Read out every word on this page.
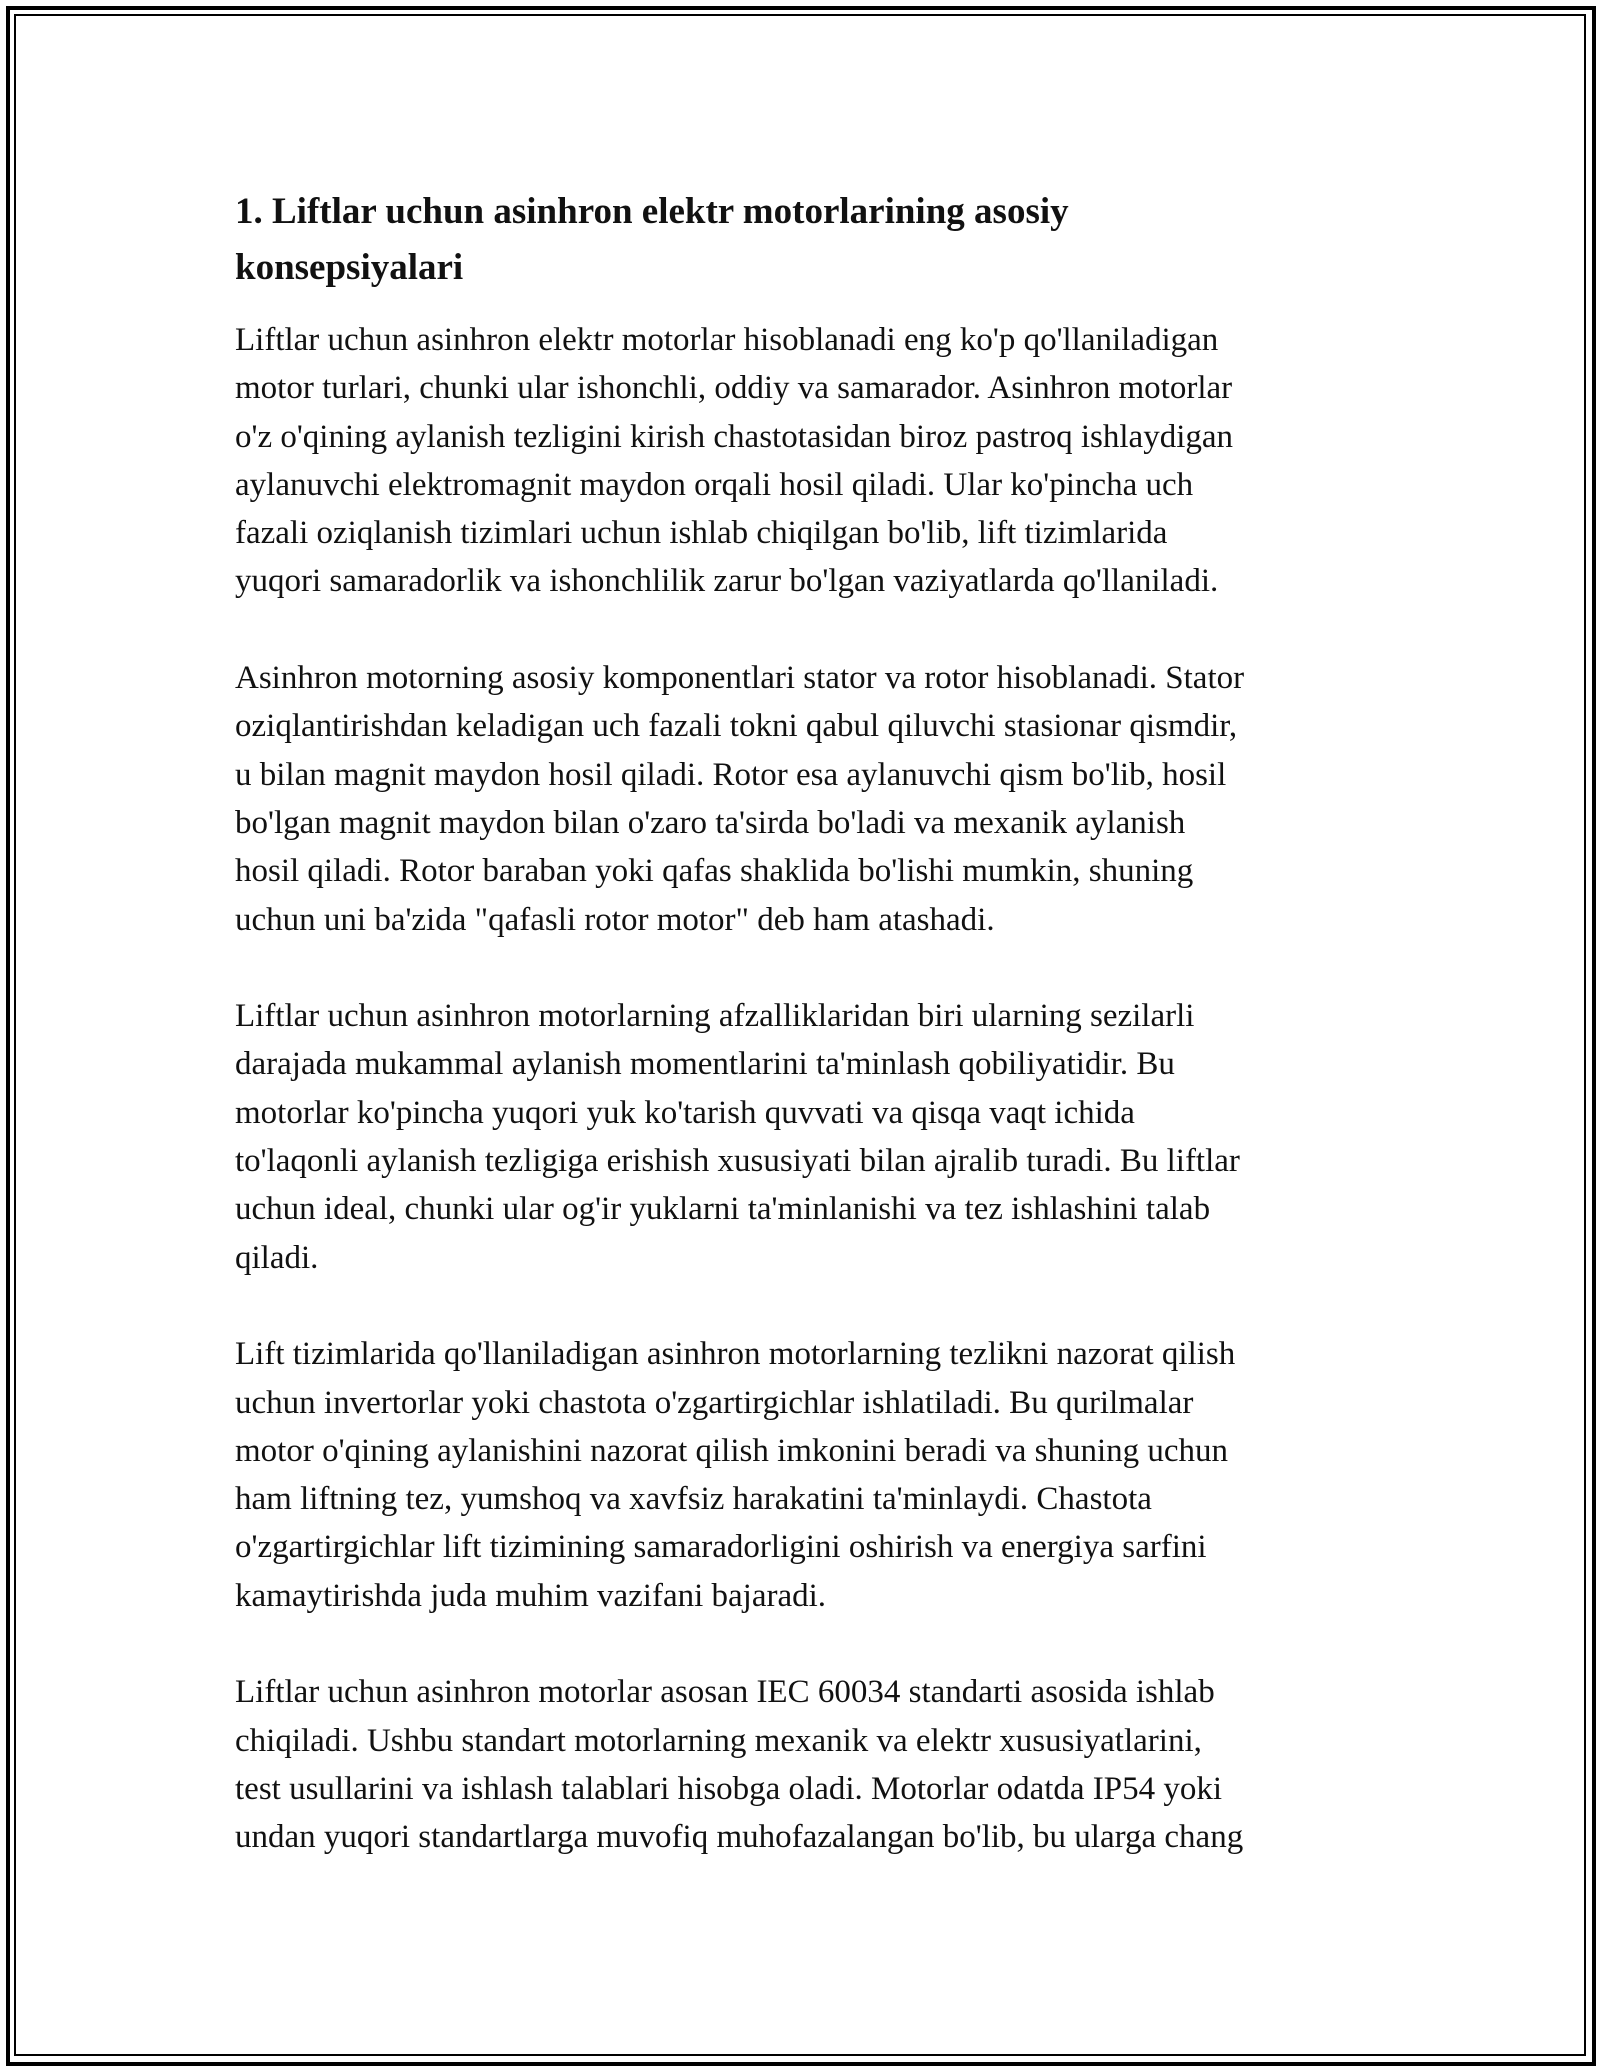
1. Liftlar uchun asinhron elektr motorlarining asosiy
konsepsiyalari

Liftlar uchun asinhron elektr motorlar hisoblanadi eng ko'p qo'llaniladigan
motor turlari, chunki ular ishonchli, oddiy va samarador. Asinhron motorlar
o'z o'qining aylanish tezligini kirish chastotasidan biroz pastroq ishlaydigan
aylanuvchi elektromagnit maydon orqali hosil qiladi. Ular ko'pincha uch
fazali oziqlanish tizimlari uchun ishlab chiqilgan bo'lib, lift tizimlarida
yuqori samaradorlik va ishonchlilik zarur bo'lgan vaziyatlarda qo'llaniladi.

Asinhron motorning asosiy komponentlari stator va rotor hisoblanadi. Stator
oziqlantirishdan keladigan uch fazali tokni qabul qiluvchi stasionar qismdir,
u bilan magnit maydon hosil qiladi. Rotor esa aylanuvchi qism bo'lib, hosil
bo'lgan magnit maydon bilan o'zaro ta'sirda bo'ladi va mexanik aylanish
hosil qiladi. Rotor baraban yoki qafas shaklida bo'lishi mumkin, shuning
uchun uni ba'zida "qafasli rotor motor" deb ham atashadi.

Liftlar uchun asinhron motorlarning afzalliklaridan biri ularning sezilarli
darajada mukammal aylanish momentlarini ta'minlash qobiliyatidir. Bu
motorlar ko'pincha yuqori yuk ko'tarish quvvati va qisqa vaqt ichida
to'laqonli aylanish tezligiga erishish xususiyati bilan ajralib turadi. Bu liftlar
uchun ideal, chunki ular og'ir yuklarni ta'minlanishi va tez ishlashini talab
qiladi.

Lift tizimlarida qo'llaniladigan asinhron motorlarning tezlikni nazorat qilish
uchun invertorlar yoki chastota o'zgartirgichlar ishlatiladi. Bu qurilmalar
motor o'qining aylanishini nazorat qilish imkonini beradi va shuning uchun
ham liftning tez, yumshoq va xavfsiz harakatini ta'minlaydi. Chastota
o'zgartirgichlar lift tizimining samaradorligini oshirish va energiya sarfini
kamaytirishda juda muhim vazifani bajaradi.

Liftlar uchun asinhron motorlar asosan IEC 60034 standarti asosida ishlab
chiqiladi. Ushbu standart motorlarning mexanik va elektr xususiyatlarini,
test usullarini va ishlash talablari hisobga oladi. Motorlar odatda IP54 yoki
undan yuqori standartlarga muvofiq muhofazalangan bo'lib, bu ularga chang
